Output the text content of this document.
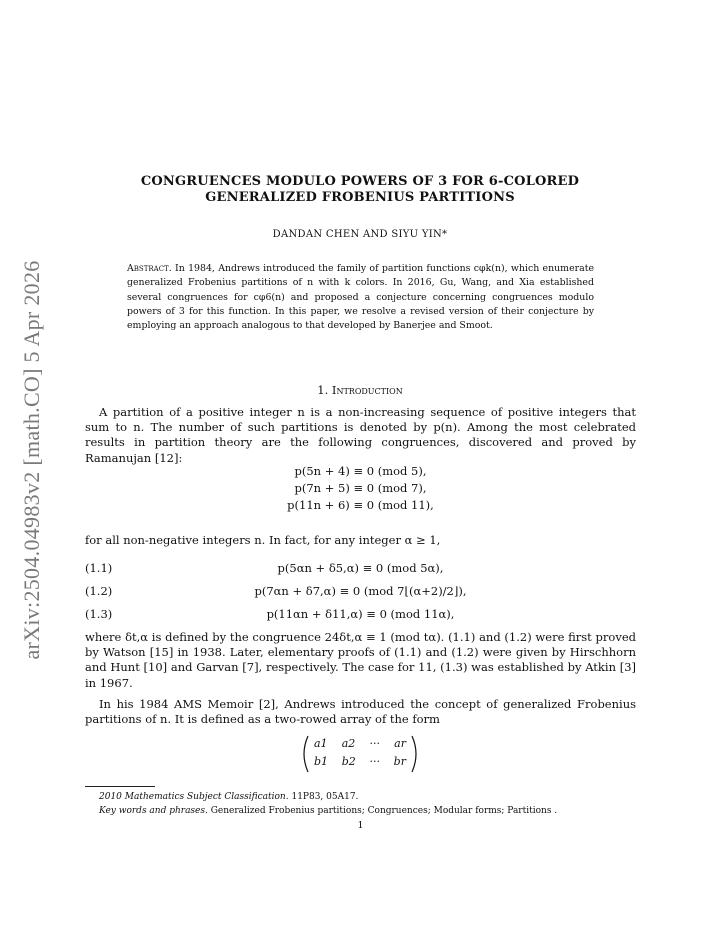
arXiv:2504.04983v2 [math.CO] 5 Apr 2026
CONGRUENCES MODULO POWERS OF 3 FOR 6-COLORED
GENERALIZED FROBENIUS PARTITIONS
DANDAN CHEN AND SIYU YIN*
Abstract. In 1984, Andrews introduced the family of partition functions cφk(n), which enumerate generalized Frobenius partitions of n with k colors. In 2016, Gu, Wang, and Xia established several congruences for cφ6(n) and proposed a conjecture concerning congruences modulo powers of 3 for this function. In this paper, we resolve a revised version of their conjecture by employing an approach analogous to that developed by Banerjee and Smoot.
1. Introduction
A partition of a positive integer n is a non-increasing sequence of positive integers that sum to n. The number of such partitions is denoted by p(n). Among the most celebrated results in partition theory are the following congruences, discovered and proved by Ramanujan [12]:
p(5n + 4) ≡ 0 (mod 5),
p(7n + 5) ≡ 0 (mod 7),
p(11n + 6) ≡ 0 (mod 11),
for all non-negative integers n. In fact, for any integer α ≥ 1,
(1.1)	p(5αn + δ5,α) ≡ 0 (mod 5α),
(1.2)	p(7αn + δ7,α) ≡ 0 (mod 7⌊(α+2)/2⌋),
(1.3)	p(11αn + δ11,α) ≡ 0 (mod 11α),
where δt,α is defined by the congruence 24δt,α ≡ 1 (mod tα). (1.1) and (1.2) were first proved by Watson [15] in 1938. Later, elementary proofs of (1.1) and (1.2) were given by Hirschhorn and Hunt [10] and Garvan [7], respectively. The case for 11, (1.3) was established by Atkin [3] in 1967.
In his 1984 AMS Memoir [2], Andrews introduced the concept of generalized Frobenius partitions of n. It is defined as a two-rowed array of the form
a1 a2 ··· ar
b1 b2 ··· br
2010 Mathematics Subject Classification. 11P83, 05A17.
Key words and phrases. Generalized Frobenius partitions; Congruences; Modular forms; Partitions .
1
